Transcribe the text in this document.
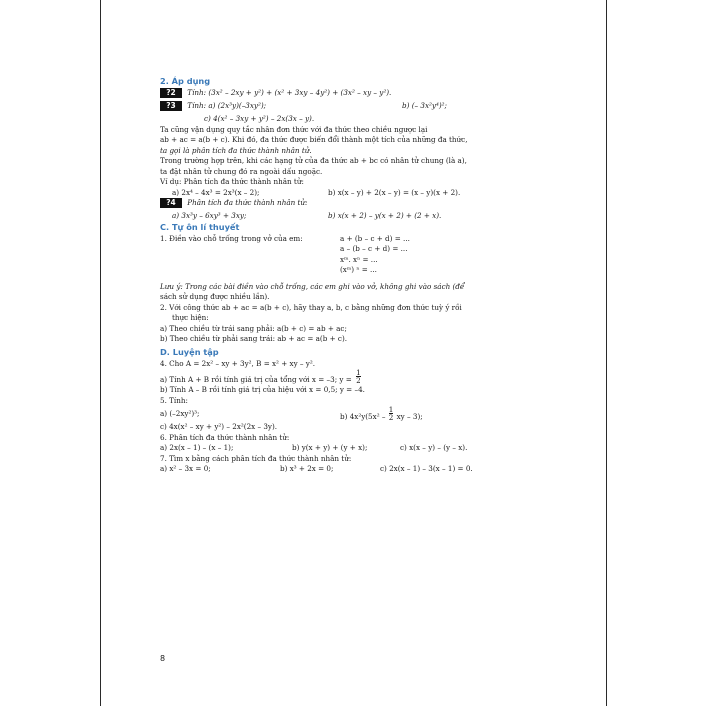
2. Áp dụng
?2 Tính: (3x² – 2xy + y²) + (x² + 3xy – 4y²) + (3x² – xy – y²).
?3 Tính: a) (2x³y)(–3xy²);	b) (– 3x²y⁴)²;
c) 4(x² – 3xy + y²) – 2x(3x – y).
Ta cũng vận dụng quy tắc nhân đơn thức với đa thức theo chiều ngược lại
ab + ac = a(b + c). Khi đó, đa thức được biến đổi thành một tích của những đa thức,
ta gọi là phân tích đa thức thành nhân tử.
Trong trường hợp trên, khi các hạng tử của đa thức ab + bc có nhân tử chung (là a),
ta đặt nhân tử chung đó ra ngoài dấu ngoặc.
Ví dụ: Phân tích đa thức thành nhân tử:
a) 2x⁴ – 4x³ = 2x³(x – 2);	b) x(x – y) + 2(x – y) = (x – y)(x + 2).
?4 Phân tích đa thức thành nhân tử:
a) 3x³y – 6xy³ + 3xy;	b) x(x + 2) – y(x + 2) + (2 + x).
C. Tự ôn lí thuyết
1. Điền vào chỗ trống trong vở của em:	a + (b – c + d) = ...
a – (b – c + d) = ...
xᵐ. xⁿ = ...
(xᵐ) ⁿ = ...
Lưu ý: Trong các bài điền vào chỗ trống, các em ghi vào vở, không ghi vào sách (để
sách sử dụng được nhiều lần).
2. Với công thức ab + ac = a(b + c), hãy thay a, b, c bằng những đơn thức tuỳ ý rồi
thực hiện:
a) Theo chiều từ trái sang phải: a(b + c) = ab + ac;
b) Theo chiều từ phải sang trái: ab + ac = a(b + c).
D. Luyện tập
4. Cho A = 2x² – xy + 3y², B = x² + xy – y².
a) Tính A + B rồi tính giá trị của tổng với x = –3; $y = \frac{1}{2}$
b) Tính A – B rồi tính giá trị của hiệu với x = 0,5; y = –4.
5. Tính:
a) (–2xy²)³;	b) $4x^2y(5x^2 - \frac{1}{2}$ xy – 3);
c) 4x(x² – xy + y²) – 2x²(2x – 3y).
6. Phân tích đa thức thành nhân tử:
a) 2x(x – 1) – (x – 1);	b) y(x + y) + (y + x);	c) x(x – y) – (y – x).
7. Tìm x bằng cách phân tích đa thức thành nhân tử:
a) x² – 3x = 0;	b) x³ + 2x = 0;	c) 2x(x – 1) – 3(x – 1) = 0.
8
